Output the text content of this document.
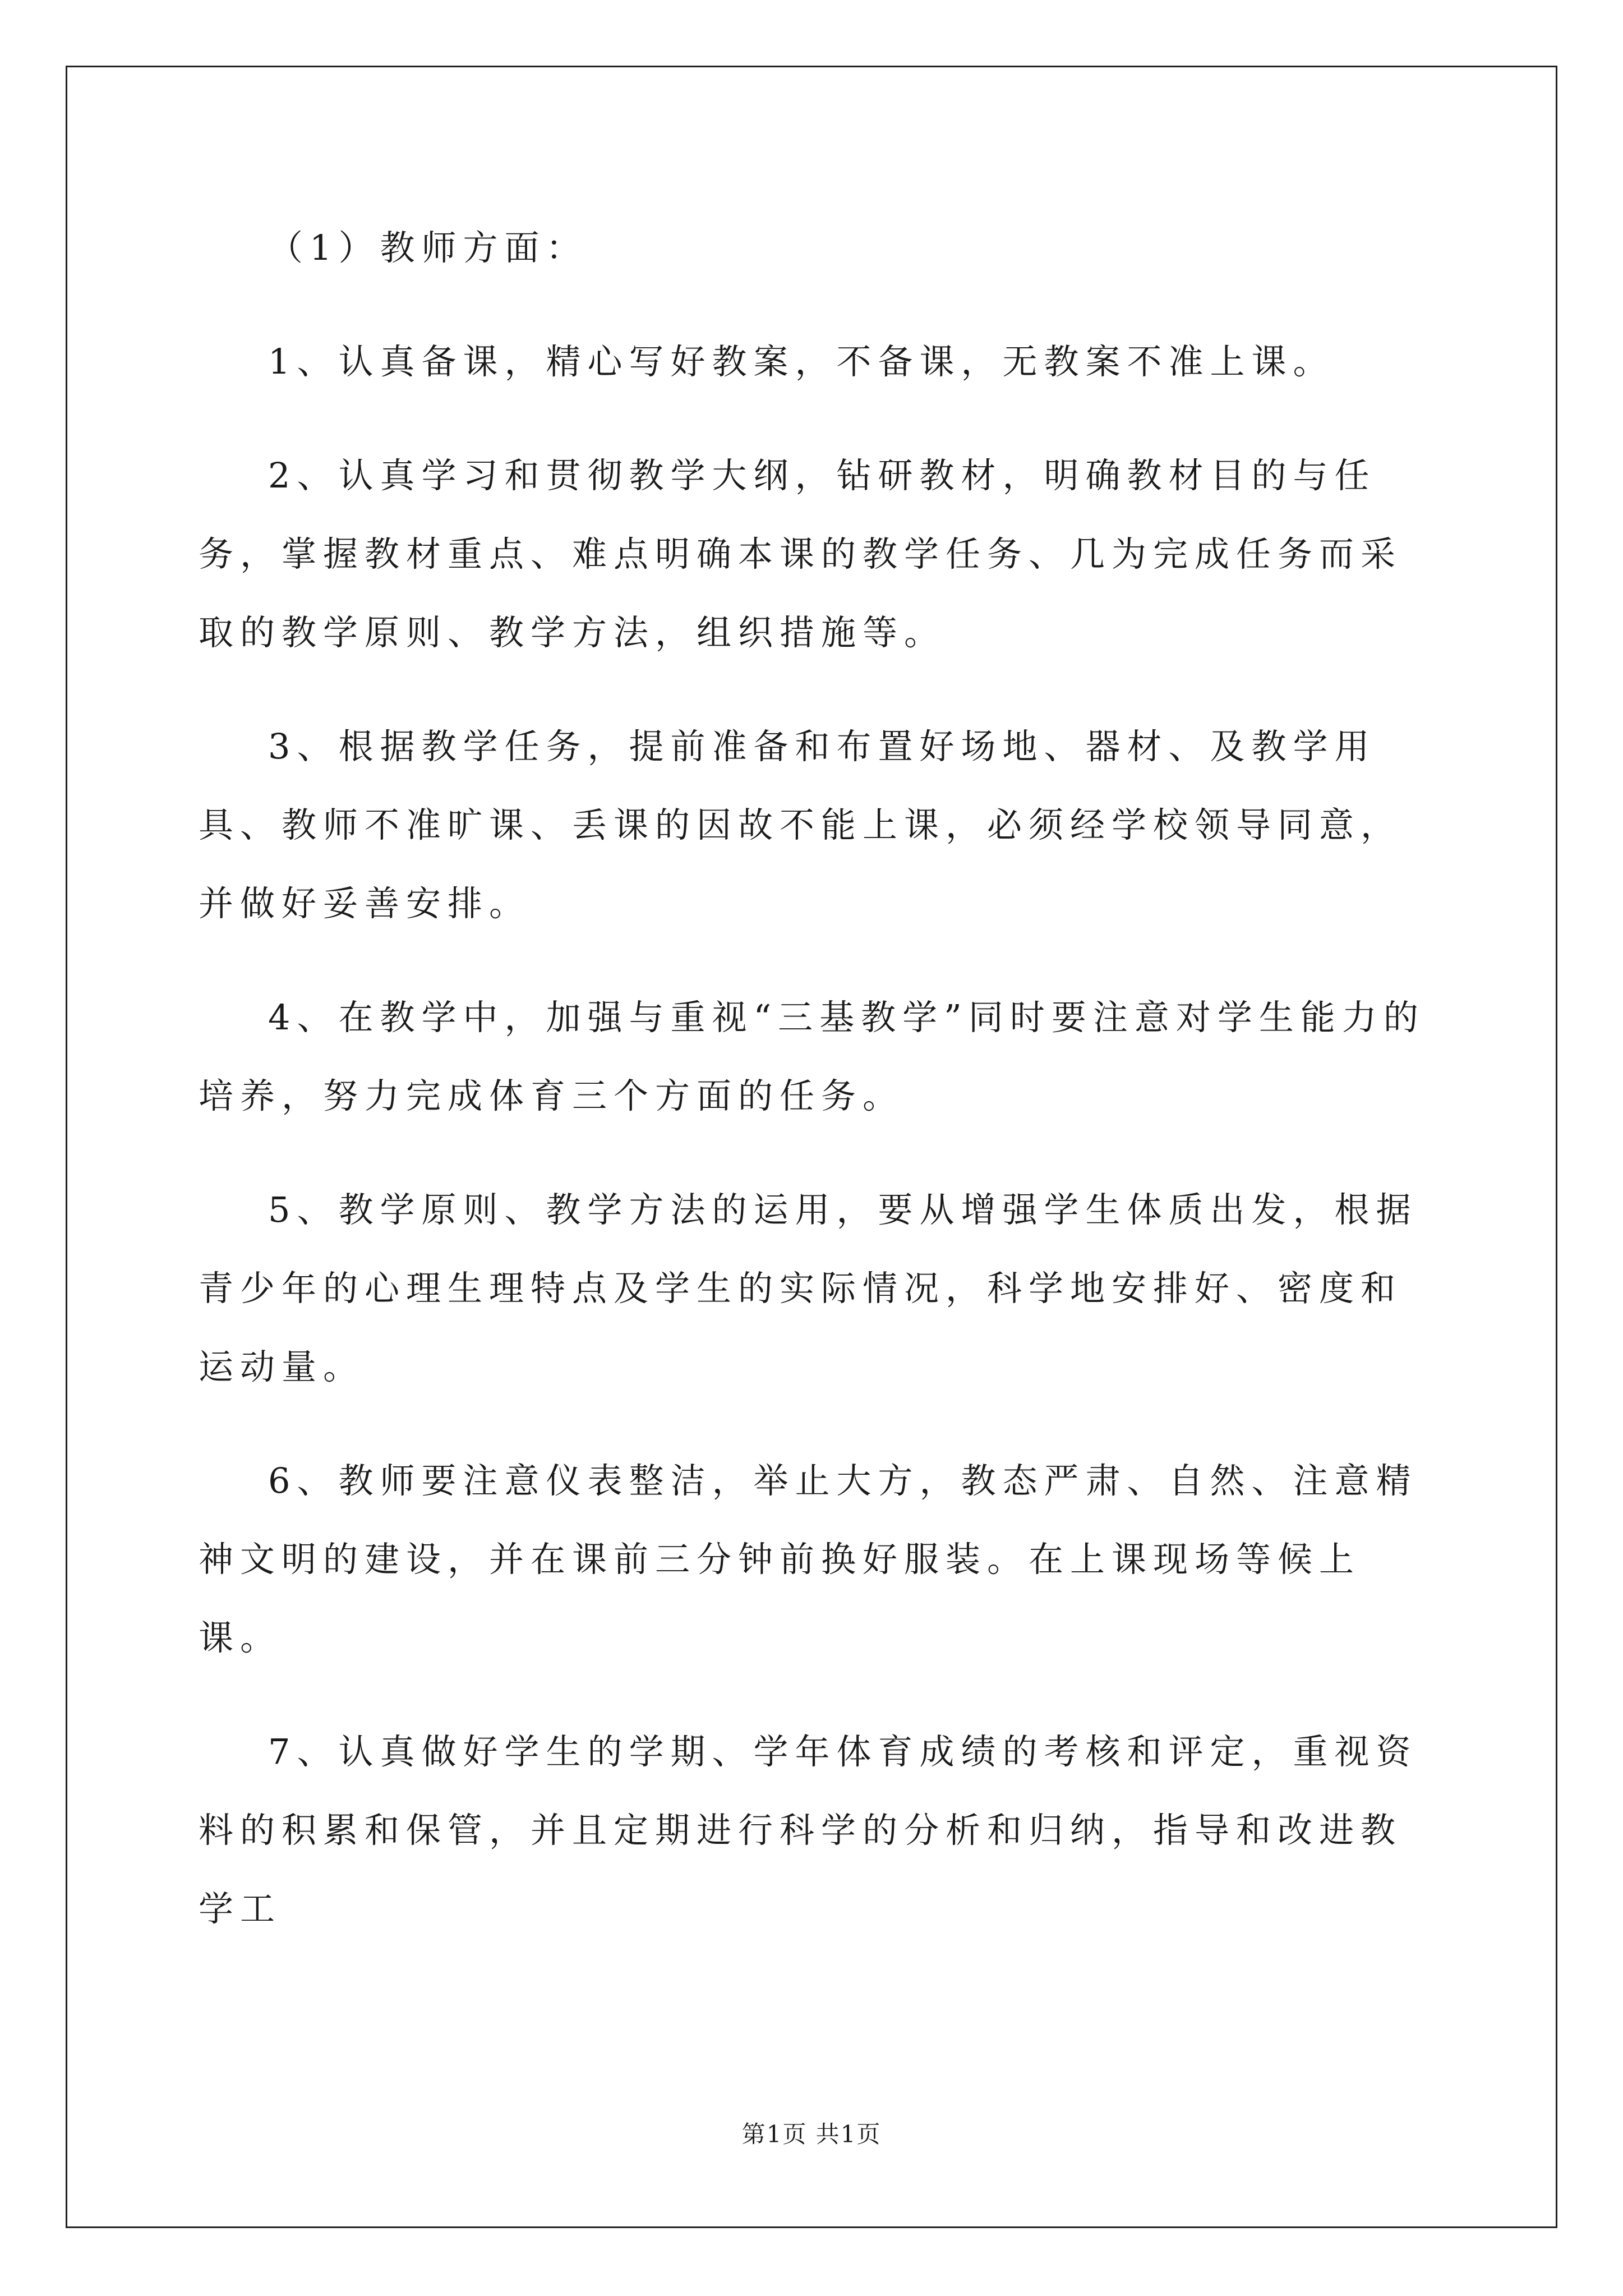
（1）教师方面：

1、认真备课，精心写好教案，不备课，无教案不准上课。

2、认真学习和贯彻教学大纲，钻研教材，明确教材目的与任务，掌握教材重点、难点明确本课的教学任务、几为完成任务而采取的教学原则、教学方法，组织措施等。

3、根据教学任务，提前准备和布置好场地、器材、及教学用具、教师不准旷课、丢课的因故不能上课，必须经学校领导同意，并做好妥善安排。

4、在教学中，加强与重视“三基教学”同时要注意对学生能力的培养，努力完成体育三个方面的任务。

5、教学原则、教学方法的运用，要从增强学生体质出发，根据青少年的心理生理特点及学生的实际情况，科学地安排好、密度和运动量。

6、教师要注意仪表整洁，举止大方，教态严肃、自然、注意精神文明的建设，并在课前三分钟前换好服装。在上课现场等候上课。

7、认真做好学生的学期、学年体育成绩的考核和评定，重视资料的积累和保管，并且定期进行科学的分析和归纳，指导和改进教学工

第1页 共1页
